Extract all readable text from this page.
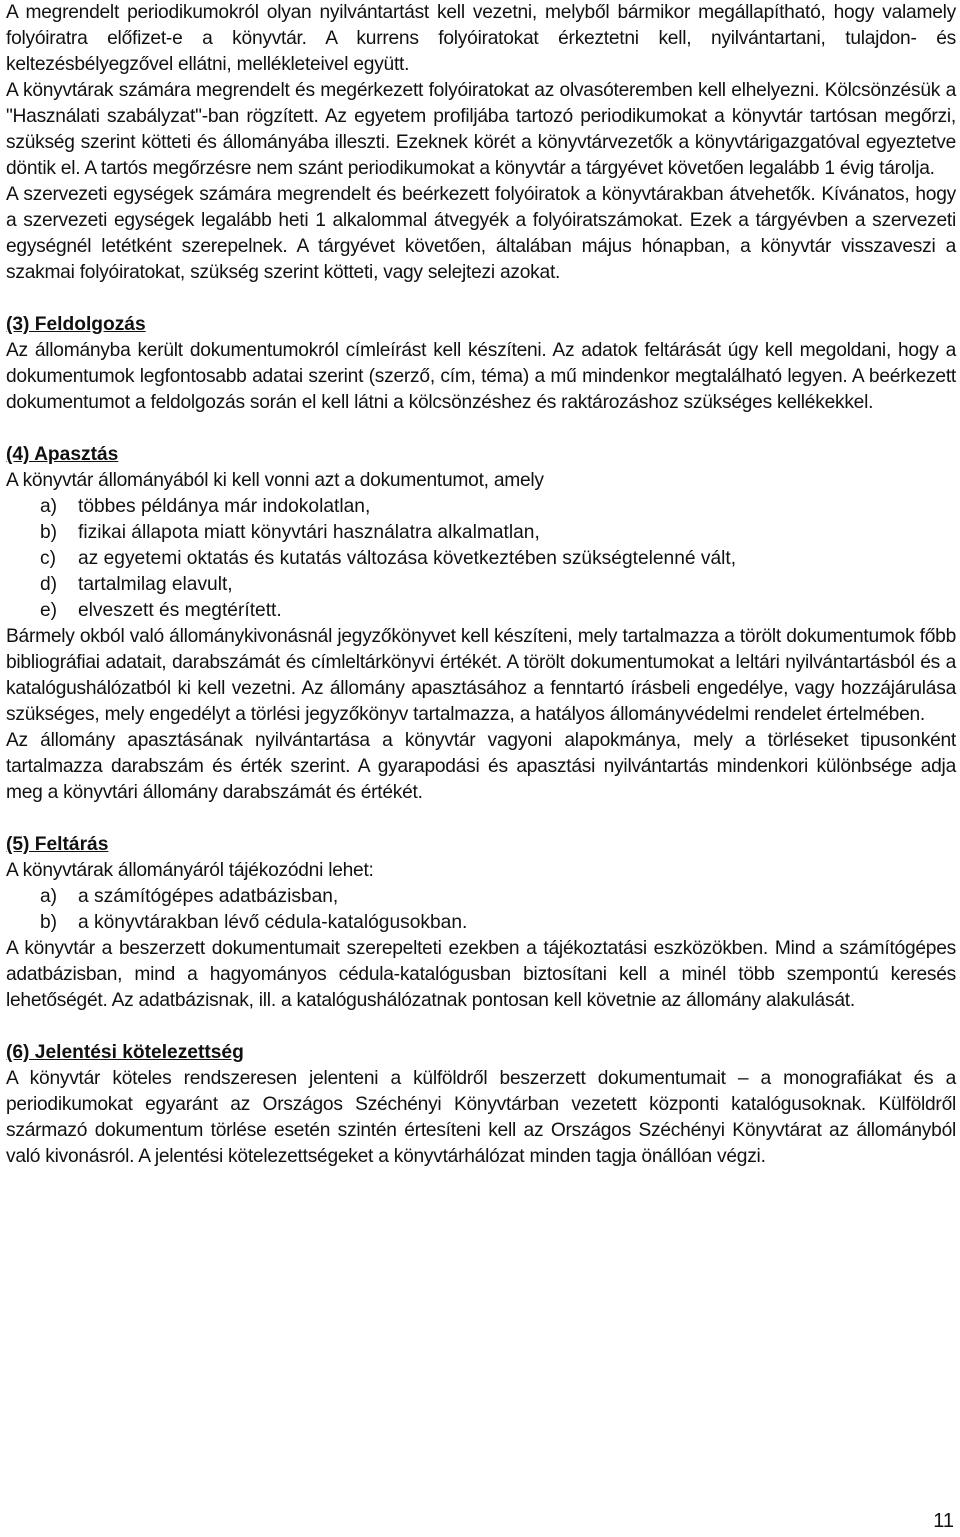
A megrendelt periodikumokról olyan nyilvántartást kell vezetni, melyből bármikor megállapítható, hogy valamely folyóiratra előfizet-e a könyvtár. A kurrens folyóiratokat érkeztetni kell, nyilvántartani, tulajdon- és keltezésbélyegzővel ellátni, mellékleteivel együtt.

A könyvtárak számára megrendelt és megérkezett folyóiratokat az olvasóteremben kell elhelyezni. Kölcsönzésük a "Használati szabályzat"-ban rögzített. Az egyetem profiljába tartozó periodikumokat a könyvtár tartósan megőrzi, szükség szerint kötteti és állományába illeszti. Ezeknek körét a könyvtárvezetők a könyvtárigazgatóval egyeztetve döntik el. A tartós megőrzésre nem szánt periodikumokat a könyvtár a tárgyévet követően legalább 1 évig tárolja.

A szervezeti egységek számára megrendelt és beérkezett folyóiratok a könyvtárakban átvehetők. Kívánatos, hogy a szervezeti egységek legalább heti 1 alkalommal átvegyék a folyóiratszámokat. Ezek a tárgyévben a szervezeti egységnél letétként szerepelnek. A tárgyévet követően, általában május hónapban, a könyvtár visszaveszi a szakmai folyóiratokat, szükség szerint kötteti, vagy selejtezi azokat.

(3) Feldolgozás

Az állományba került dokumentumokról címleírást kell készíteni. Az adatok feltárását úgy kell megoldani, hogy a dokumentumok legfontosabb adatai szerint (szerző, cím, téma) a mű mindenkor megtalálható legyen. A beérkezett dokumentumot a feldolgozás során el kell látni a kölcsönzéshez és raktározáshoz szükséges kellékekkel.

(4) Apasztás

A könyvtár állományából ki kell vonni azt a dokumentumot, amely

a)	többes példánya már indokolatlan,
b)	fizikai állapota miatt könyvtári használatra alkalmatlan,
c)	az egyetemi oktatás és kutatás változása következtében szükségtelenné vált,
d)	tartalmilag elavult,
e)	elveszett és megtérített.

Bármely okból való állománykivonásnál jegyzőkönyvet kell készíteni, mely tartalmazza a törölt dokumentumok főbb bibliográfiai adatait, darabszámát és címleltárkönyvi értékét. A törölt dokumentumokat a leltári nyilvántartásból és a katalógushálózatból ki kell vezetni. Az állomány apasztásához a fenntartó írásbeli engedélye, vagy hozzájárulása szükséges, mely engedélyt a törlési jegyzőkönyv tartalmazza, a hatályos állományvédelmi rendelet értelmében.

Az állomány apasztásának nyilvántartása a könyvtár vagyoni alapokmánya, mely a törléseket tipusonként tartalmazza darabszám és érték szerint. A gyarapodási és apasztási nyilvántartás mindenkori különbsége adja meg a könyvtári állomány darabszámát és értékét.

(5) Feltárás

A könyvtárak állományáról tájékozódni lehet:

a)	a számítógépes adatbázisban,
b)	a könyvtárakban lévő cédula-katalógusokban.

A könyvtár a beszerzett dokumentumait szerepelteti ezekben a tájékoztatási eszközökben. Mind a számítógépes adatbázisban, mind a hagyományos cédula-katalógusban biztosítani kell a minél több szempontú keresés lehetőségét. Az adatbázisnak, ill. a katalógushálózatnak pontosan kell követnie az állomány alakulását.

(6) Jelentési kötelezettség

A könyvtár köteles rendszeresen jelenteni a külföldről beszerzett dokumentumait – a monografiákat és a periodikumokat egyaránt az Országos Széchényi Könyvtárban vezetett központi katalógusoknak. Külföldről származó dokumentum törlése esetén szintén értesíteni kell az Országos Széchényi Könyvtárat az állományból való kivonásról. A jelentési kötelezettségeket a könyvtárhálózat minden tagja önállóan végzi.

11
